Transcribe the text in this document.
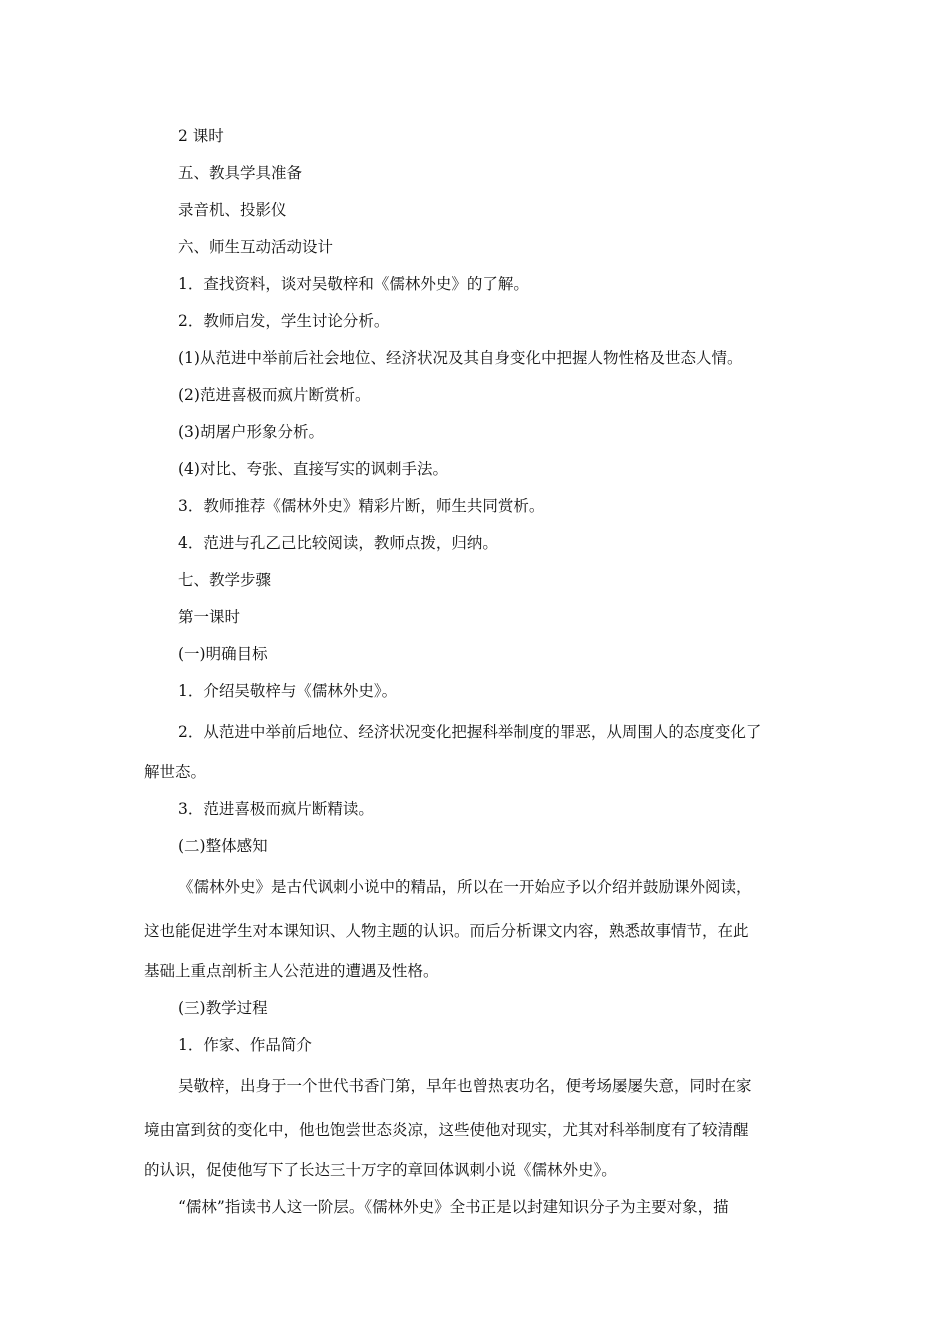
2 课时

五、教具学具准备

录音机、投影仪

六、师生互动活动设计

1．查找资料，谈对吴敬梓和《儒林外史》的了解。

2．教师启发，学生讨论分析。

(1)从范进中举前后社会地位、经济状况及其自身变化中把握人物性格及世态人情。

(2)范进喜极而疯片断赏析。

(3)胡屠户形象分析。

(4)对比、夸张、直接写实的讽刺手法。

3．教师推荐《儒林外史》精彩片断，师生共同赏析。

4．范进与孔乙己比较阅读，教师点拨，归纳。

七、教学步骤

第一课时

(一)明确目标

1．介绍吴敬梓与《儒林外史》。

2．从范进中举前后地位、经济状况变化把握科举制度的罪恶，从周围人的态度变化了

解世态。

3．范进喜极而疯片断精读。

(二)整体感知

《儒林外史》是古代讽刺小说中的精品，所以在一开始应予以介绍并鼓励课外阅读，

这也能促进学生对本课知识、人物主题的认识。而后分析课文内容，熟悉故事情节，在此

基础上重点剖析主人公范进的遭遇及性格。

(三)教学过程

1．作家、作品简介

吴敬梓，出身于一个世代书香门第，早年也曾热衷功名，便考场屡屡失意，同时在家

境由富到贫的变化中，他也饱尝世态炎凉，这些使他对现实，尤其对科举制度有了较清醒

的认识，促使他写下了长达三十万字的章回体讽刺小说《儒林外史》。

“儒林”指读书人这一阶层。《儒林外史》全书正是以封建知识分子为主要对象，描
